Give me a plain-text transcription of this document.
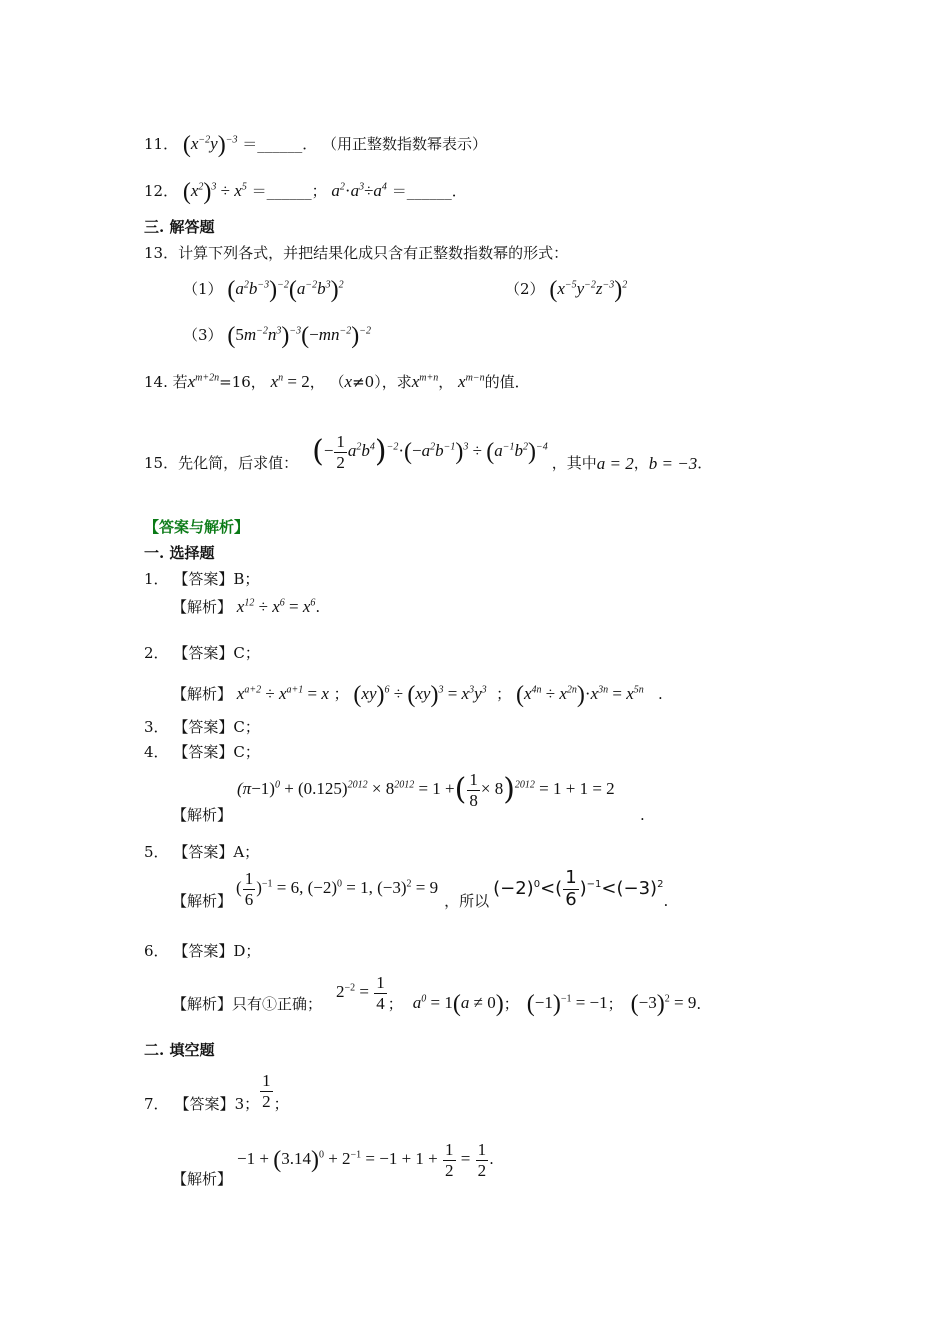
11． $(x^{-2}y)^{-3}$ ＝______． （用正整数指数幂表示）
12． $(x^2)^3 \div x^5$ ＝______； $a^2\cdot a^3\div a^4$ ＝______．
三. 解答题
13．计算下列各式，并把结果化成只含有正整数指数幂的形式：
（1） $(a^2b^{-3})^{-2}(a^{-2}b^3)^2$	（2） $(x^{-5}y^{-2}z^{-3})^2$
（3） $(5m^{-2}n^3)^{-3}(-mn^{-2})^{-2}$
14. 若$x^{m+2n}=16$， $x^n = 2$， （x≠0），求$x^{m+n}$， $x^{m-n}$的值．
15．先化简，后求值： (− $\frac{1}{2} a^2b^4)^{-2}\cdot(-a^2b^{-1})^3 \div (a^{-1}b^2)^{-4}$
，其中 a = 2 ， b = −3 ．
【答案与解析】
一. 选择题
1． 【答案】B；
【解析】 $x^{12} \div x^6 = x^6$.
2． 【答案】C；
【解析】 $x^{a+2} \div x^{a+1} = x$ ； $(xy)^6 \div (xy)^3 = x^3y^3$  ； $(x^{4n} \div x^{2n})\cdot x^{3n} = x^{5n}$   .
3． 【答案】C；
4． 【答案】C；
$(\pi-1)^0 + (0.125)^{2012} \times 8^{2012} = 1$ +( $\frac{1}{8} \times 8)^{2012} = 1 + 1 = 2$
【解析】	.
5． 【答案】A；
【解析】
( $\frac{1}{6} )^{-1} = 6$, $(-2)^0 = 1$, $(-3)^2 = 9$
，所以
$(-2)^0<( \frac{1}{6} )^{-1}<(-3)^2$
.
6． 【答案】D；
【解析】 只有①正确；
$2^{-2} = \frac{1}{4}$ ； $a^0 = 1(a \ne 0)$ ； $(-1)^{-1} = -1$ ； $(-3)^2 = 9$ .
二. 填空题
7． 【答案】 3； $\frac{1}{2}$ ；
$-1 + (3.14)^0 + 2^{-1} = -1 + 1 + \frac{1}{2} = \frac{1}{2}$ .
【解析】
